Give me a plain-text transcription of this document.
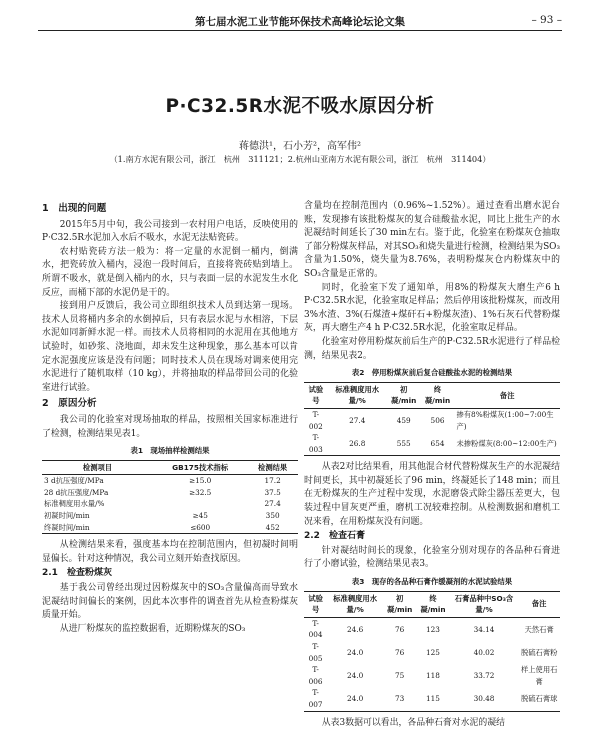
第七届水泥工业节能环保技术高峰论坛论文集	– 93 –
P·C32.5R水泥不吸水原因分析
蒋德洪¹，石小芳²，高军伟²
（1.南方水泥有限公司，浙江　杭州　311121；2.杭州山亚南方水泥有限公司，浙江　杭州　311404）
1　出现的问题

2015年5月中旬，我公司接到一农村用户电话，反映使用的P·C32.5R水泥加入水后不吸水，水泥无法贴瓷砖。

农村贴瓷砖方法一般为：将一定量的水泥倒一桶内，倒满水，把瓷砖放入桶内，浸泡一段时间后，直接将瓷砖贴到墙上。所谓不吸水，就是倒入桶内的水，只与表面一层的水泥发生水化反应，而桶下部的水泥仍是干的。

接到用户反馈后，我公司立即组织技术人员到达第一现场。技术人员将桶内多余的水倒掉后，只有表层水泥与水相溶，下层水泥如同新鲜水泥一样。而技术人员将相同的水泥用在其他地方试验时，如砂浆、浇地面，却未发生这种现象，那么基本可以肯定水泥强度应该是没有问题；同时技术人员在现场对调来使用完水泥进行了随机取样（10 kg），并将抽取的样品带回公司的化验室进行试验。

2　原因分析

我公司的化验室对现场抽取的样品，按照相关国家标准进行了检测，检测结果见表1。

表1　现场抽样检测结果
检测项目	GB175技术指标	检测结果
3 d抗压强度/MPa	≥15.0	17.2
28 d抗压强度/MPa	≥32.5	37.5
标准稠度用水量/%		27.4
初凝时间/min	≥45	350
终凝时间/min	≤600	452

从检测结果来看，强度基本均在控制范围内，但初凝时间明显偏长。针对这种情况，我公司立刻开始查找原因。

2.1　检查粉煤灰

基于我公司曾经出现过因粉煤灰中的SO₃含量偏高而导致水泥凝结时间偏长的案例，因此本次事件的调查首先从检查粉煤灰质量开始。

从进厂粉煤灰的监控数据看，近期粉煤灰的SO₃

含量均在控制范围内（0.96%~1.52%）。通过查看出磨水泥台账，发现掺有该批粉煤灰的复合硅酸盐水泥，同比上批生产的水泥凝结时间延长了30 min左右。鉴于此，化验室在粉煤灰仓抽取了部分粉煤灰样品，对其SO₃和烧失量进行检测，检测结果为SO₃含量为1.50%，烧失量为8.76%，表明粉煤灰仓内粉煤灰中的SO₃含量是正常的。

同时，化验室下发了通知单，用8%的粉煤灰大磨生产6 h P·C32.5R水泥，化验室取足样品；然后停用该批粉煤灰，而改用3%水渣、3%(石煤渣+煤矸石+粉煤灰渣)、1%石灰石代替粉煤灰，再大磨生产4 h P·C32.5R水泥，化验室取足样品。

化验室对停用粉煤灰前后生产的P·C32.5R水泥进行了样品检测，结果见表2。

表2　停用粉煤灰前后复合硅酸盐水泥的检测结果
试验号	标准稠度用水量/%	初凝/min	终凝/min	备注
T-002	27.4	459	506	掺有8%粉煤灰(1:00~7:00生产)
T-003	26.8	555	654	未掺粉煤灰(8:00~12:00生产)

从表2对比结果看，用其他混合材代替粉煤灰生产的水泥凝结时间更长，其中初凝延长了96 min，终凝延长了148 min；而且在无粉煤灰的生产过程中发现，水泥磨袋式除尘器压差更大，包装过程中冒灰更严重，磨机工况较难控制。从检测数据和磨机工况来看，在用粉煤灰没有问题。

2.2　检查石膏

针对凝结时间长的现象，化验室分别对现存的各品种石膏进行了小磨试验，检测结果见表3。

表3　现存的各品种石膏作缓凝剂的水泥试验结果
试验号	标准稠度用水量/%	初凝/min	终凝/min	石膏品种中SO₃含量/%	备注
T-004	24.6	76	123	34.14	天然石膏
T-005	24.0	76	125	40.02	脱硫石膏粉
T-006	24.0	75	118	33.72	样上使用石膏
T-007	24.0	73	115	30.48	脱硫石膏球

从表3数据可以看出，各品种石膏对水泥的凝结
